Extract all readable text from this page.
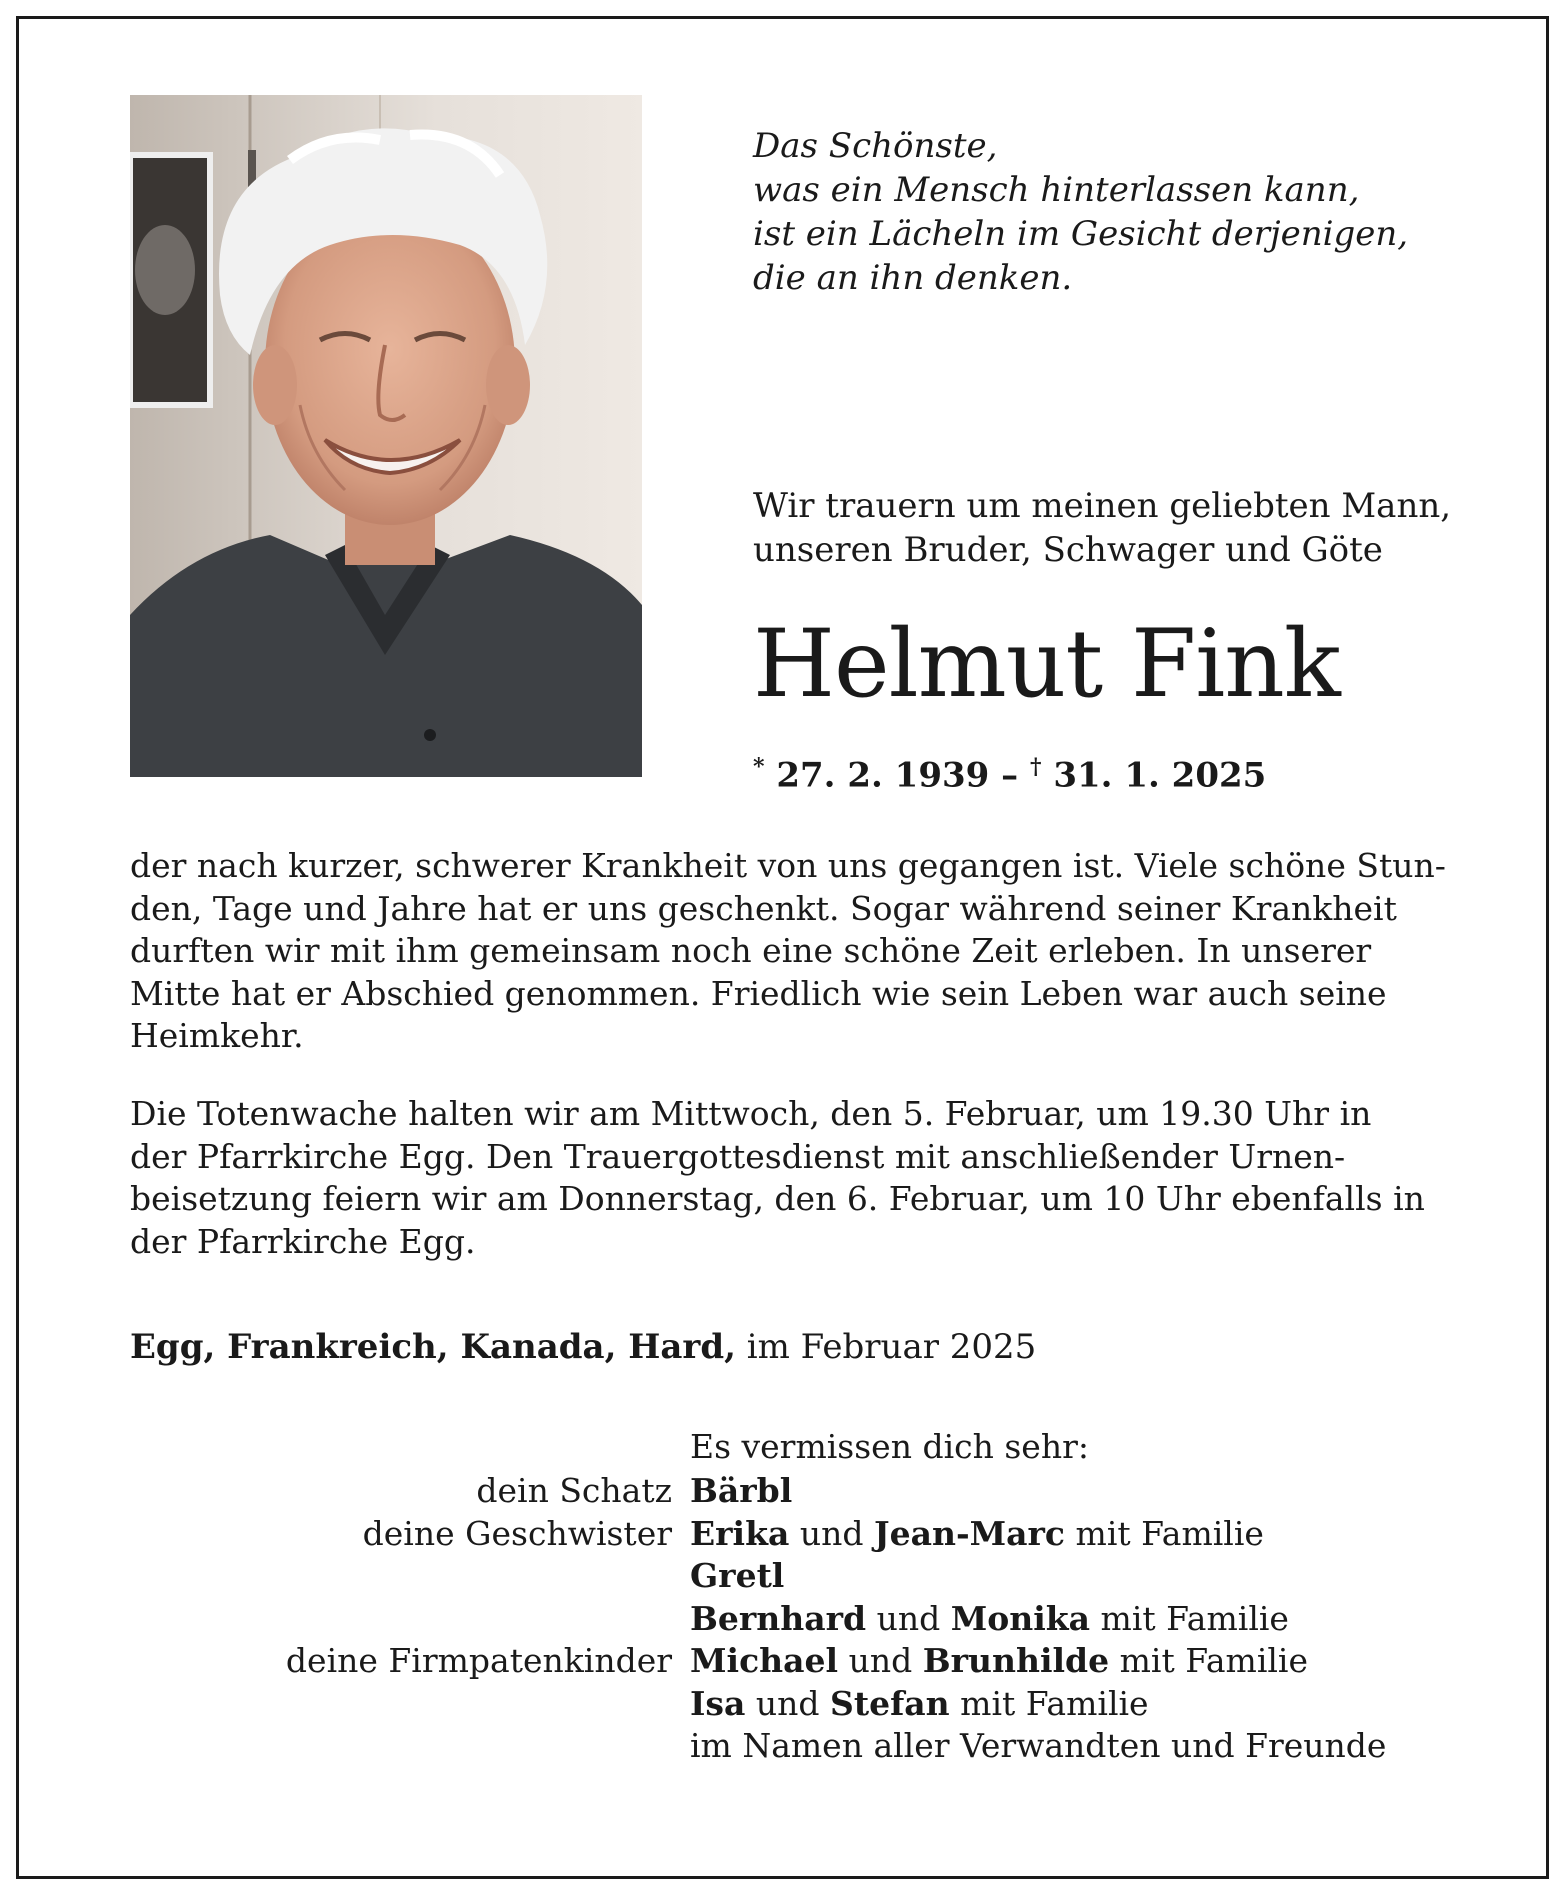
Das Schönste,
was ein Mensch hinterlassen kann,
ist ein Lächeln im Gesicht derjenigen,
die an ihn denken.
Wir trauern um meinen geliebten Mann,
unseren Bruder, Schwager und Göte
Helmut Fink
* 27. 2. 1939 – † 31. 1. 2025
der nach kurzer, schwerer Krankheit von uns gegangen ist. Viele schöne Stun-
den, Tage und Jahre hat er uns geschenkt. Sogar während seiner Krankheit
durften wir mit ihm gemeinsam noch eine schöne Zeit erleben. In unserer
Mitte hat er Abschied genommen. Friedlich wie sein Leben war auch seine
Heimkehr.
Die Totenwache halten wir am Mittwoch, den 5. Februar, um 19.30 Uhr in
der Pfarrkirche Egg. Den Trauergottesdienst mit anschließender Urnen-
beisetzung feiern wir am Donnerstag, den 6. Februar, um 10 Uhr ebenfalls in
der Pfarrkirche Egg.
Egg, Frankreich, Kanada, Hard, im Februar 2025
Es vermissen dich sehr:
dein Schatz Bärbl
deine Geschwister Erika und Jean-Marc mit Familie
Gretl
Bernhard und Monika mit Familie
deine Firmpatenkinder Michael und Brunhilde mit Familie
Isa und Stefan mit Familie
im Namen aller Verwandten und Freunde
